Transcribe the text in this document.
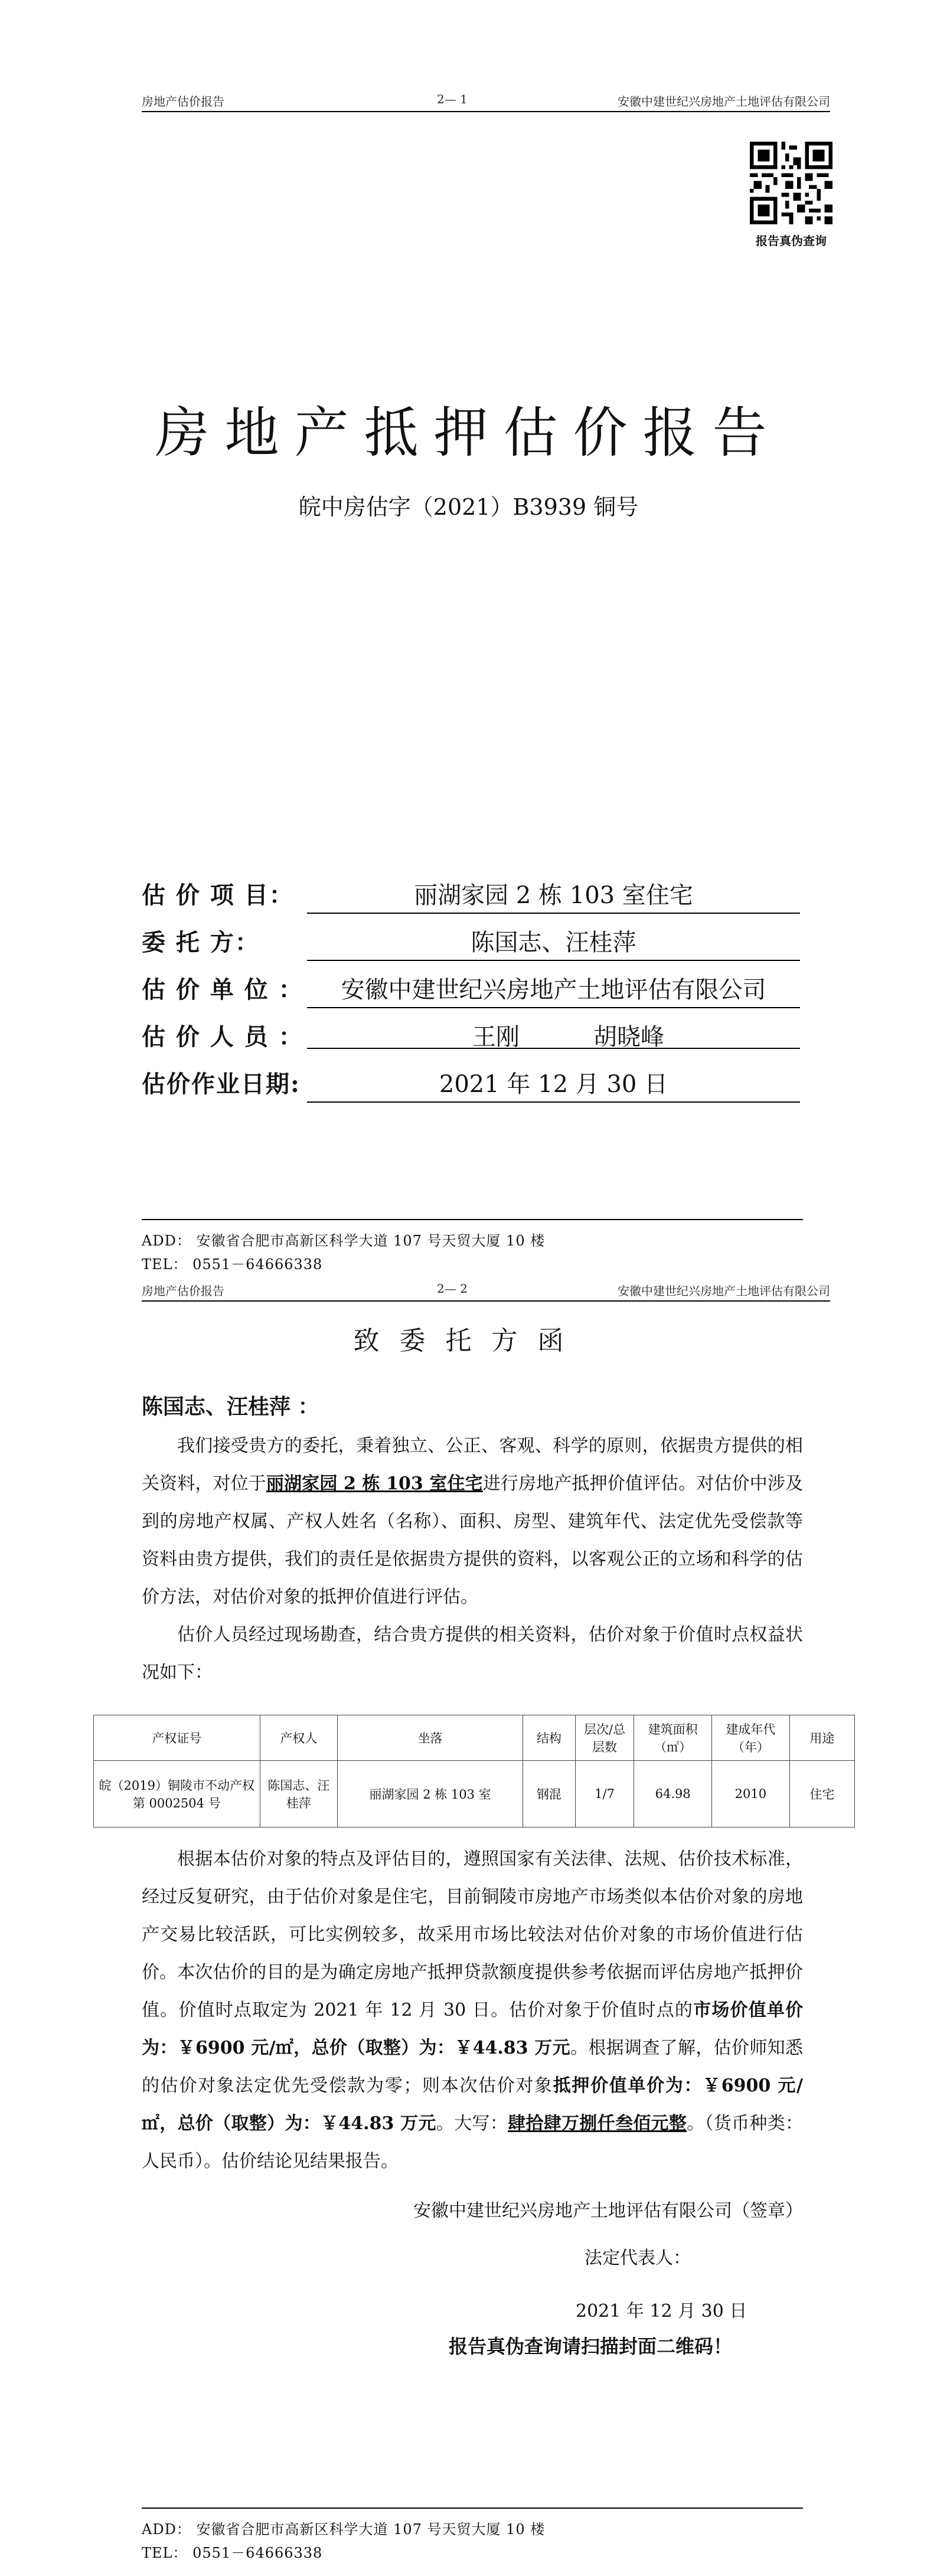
房地产估价报告	2— 1	安徽中建世纪兴房地产土地评估有限公司
报告真伪查询
房地产抵押估价报告
皖中房估字（2021）B3939 铜号
估 价 项 目：	丽湖家园 2 栋 103 室住宅
委 托 方：	陈国志、汪桂萍
估 价 单 位 ：	安徽中建世纪兴房地产土地评估有限公司
估 价 人 员 ：	王刚	胡晓峰
估价作业日期:	2021 年 12 月 30 日
ADD： 安徽省合肥市高新区科学大道 107 号天贸大厦 10 楼
TEL： 0551－64666338
房地产估价报告	2— 2	安徽中建世纪兴房地产土地评估有限公司
致委托方函
陈国志、汪桂萍 ：
我们接受贵方的委托，秉着独立、公正、客观、科学的原则，依据贵方提供的相关资料，对位于丽湖家园 2 栋 103 室住宅进行房地产抵押价值评估。对估价中涉及到的房地产权属、产权人姓名（名称）、面积、房型、建筑年代、法定优先受偿款等资料由贵方提供，我们的责任是依据贵方提供的资料，以客观公正的立场和科学的估价方法，对估价对象的抵押价值进行评估。
估价人员经过现场勘查，结合贵方提供的相关资料，估价对象于价值时点权益状况如下：
产权证号	产权人	坐落	结构	层次/总层数	建筑面积（㎡）	建成年代（年）	用途
皖（2019）铜陵市不动产权第 0002504 号	陈国志、汪桂萍	丽湖家园 2 栋 103 室	钢混	1/7	64.98	2010	住宅
根据本估价对象的特点及评估目的，遵照国家有关法律、法规、估价技术标准，经过反复研究，由于估价对象是住宅，目前铜陵市房地产市场类似本估价对象的房地产交易比较活跃，可比实例较多，故采用市场比较法对估价对象的市场价值进行估价。 本次估价的目的是为确定房地产抵押贷款额度提供参考依据而评估房地产抵押价值。价值时点取定为 2021 年 12 月 30 日。估价对象于价值时点的市场价值单价为：￥6900 元/㎡，总价（取整）为：￥44.83 万元。根据调查了解，估价师知悉的估价对象法定优先受偿款为零；则本次估价对象抵押价值单价为：￥6900 元/㎡，总价（取整）为：￥44.83 万元。大写：肆拾肆万捌仟叁佰元整。（货币种类：人民币）。估价结论见结果报告。
安徽中建世纪兴房地产土地评估有限公司（签章）
法定代表人：
2021 年 12 月 30 日
报告真伪查询请扫描封面二维码！
ADD： 安徽省合肥市高新区科学大道 107 号天贸大厦 10 楼
TEL： 0551－64666338
